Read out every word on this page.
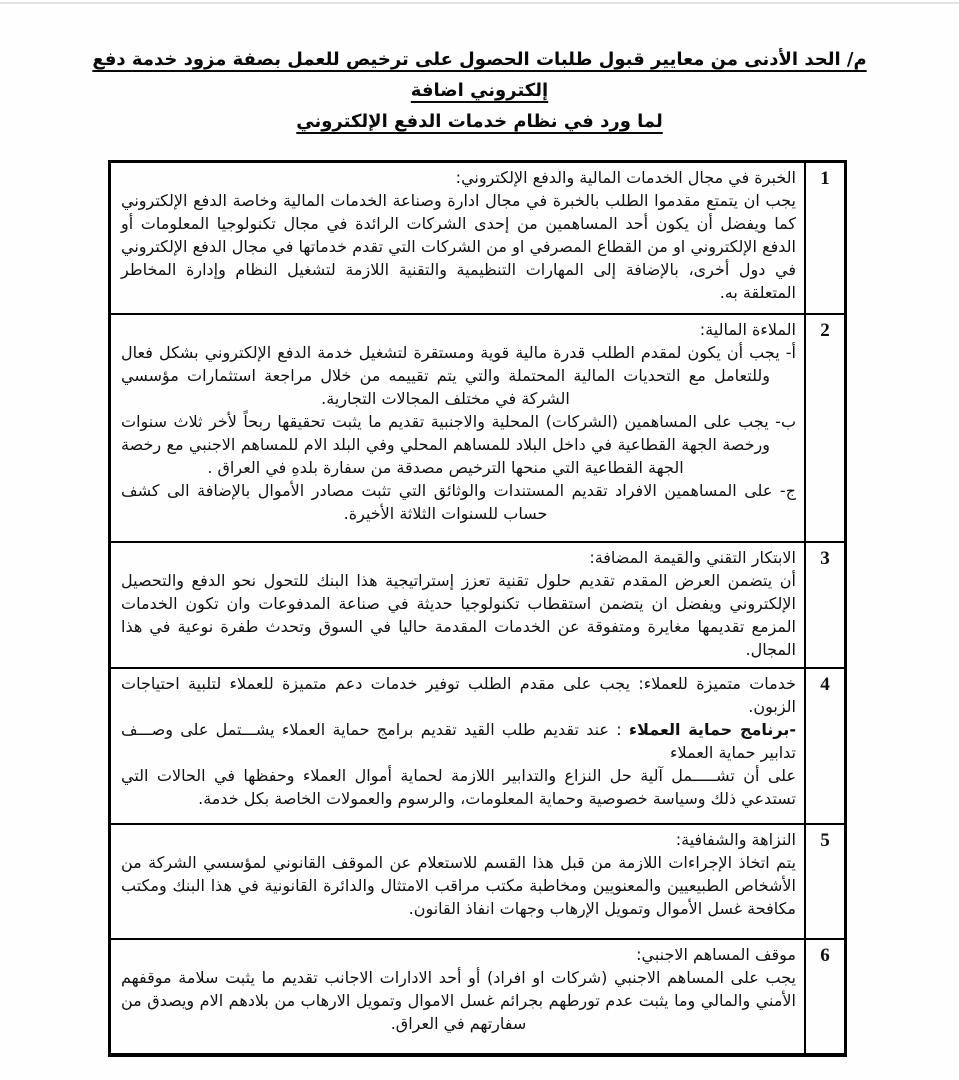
م/ الحد الأدنى من معايير قبول طلبات الحصول على ترخيص للعمل بصفة مزود خدمة دفع إلكتروني اضافة
لما ورد في نظام خدمات الدفع الإلكتروني
1

الخبرة في مجال الخدمات المالية والدفع الإلكتروني:

يجب ان يتمتع مقدموا الطلب بالخبرة في مجال ادارة وصناعة الخدمات المالية وخاصة الدفع الإلكتروني كما ويفضل أن يكون أحد المساهمين من إحدى الشركات الرائدة في مجال تكنولوجيا المعلومات أو الدفع الإلكتروني او من القطاع المصرفي او من الشركات التي تقدم خدماتها في مجال الدفع الإلكتروني في دول أخرى، بالإضافة إلى المهارات التنظيمية والتقنية اللازمة لتشغيل النظام وإدارة المخاطر المتعلقة به.

2

الملاءة المالية:

أ- يجب أن يكون لمقدم الطلب قدرة مالية قوية ومستقرة لتشغيل خدمة الدفع الإلكتروني بشكل فعال وللتعامل مع التحديات المالية المحتملة والتي يتم تقييمه من خلال مراجعة استثمارات مؤسسي الشركة في مختلف المجالات التجارية.

ب- يجب على المساهمين (الشركات) المحلية والاجنبية تقديم ما يثبت تحقيقها ربحاً لأخر ثلاث سنوات ورخصة الجهة القطاعية في داخل البلاد للمساهم المحلي وفي البلد الام للمساهم الاجنبي مع رخصة الجهة القطاعية التي منحها الترخيص مصدقة من سفارة بلدهِ في العراق .

ج- على المساهمين الافراد تقديم المستندات والوثائق التي تثبت مصادر الأموال بالإضافة الى كشف حساب للسنوات الثلاثة الأخيرة.

3

الابتكار التقني والقيمة المضافة:

أن يتضمن العرض المقدم تقديم حلول تقنية تعزز إستراتيجية هذا البنك للتحول نحو الدفع والتحصيل الإلكتروني ويفضل ان يتضمن استقطاب تكنولوجيا حديثة في صناعة المدفوعات وان تكون الخدمات المزمع تقديمها مغايرة ومتفوقة عن الخدمات المقدمة حاليا في السوق وتحدث طفرة نوعية في هذا المجال.

4

خدمات متميزة للعملاء: يجب على مقدم الطلب توفير خدمات دعم متميزة للعملاء لتلبية احتياجات الزبون.

-برنامج حماية العملاء : عند تقديم طلب القيد تقديم برامج حماية العملاء يشـــتمل على وصـــف تدابير حماية العملاء

على أن تشـــــمل آلية حل النزاع والتدابير اللازمة لحماية أموال العملاء وحفظها في الحالات التي تستدعي ذلك وسياسة خصوصية وحماية المعلومات، والرسوم والعمولات الخاصة بكل خدمة.

5

النزاهة والشفافية:

يتم اتخاذ الإجراءات اللازمة من قبل هذا القسم للاستعلام عن الموقف القانوني لمؤسسي الشركة من الأشخاص الطبيعيين والمعنويين ومخاطبة مكتب مراقب الامتثال والدائرة القانونية في هذا البنك ومكتب مكافحة غسل الأموال وتمويل الإرهاب وجهات انفاذ القانون.

6

موقف المساهم الاجنبي:

يجب على المساهم الاجنبي (شركات او افراد) أو أحد الادارات الاجانب تقديم ما يثبت سلامة موقفهم الأمني والمالي وما يثبت عدم تورطهم بجرائم غسل الاموال وتمويل الارهاب من بلادهم الام ويصدق من سفارتهم في العراق.
